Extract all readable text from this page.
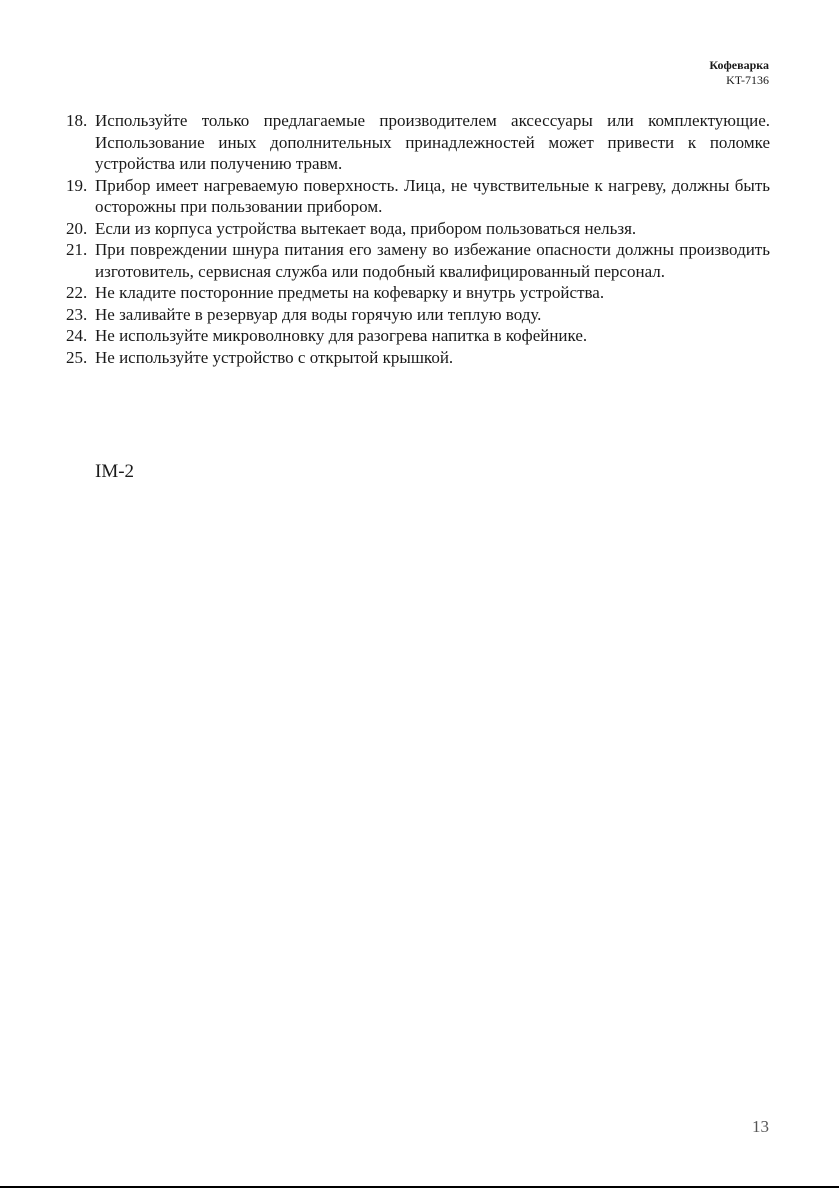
Кофеварка
KT-7136
18. Используйте только предлагаемые производителем аксессуары или комплектующие. Использование иных дополнительных принадлежностей может привести к поломке устройства или получению травм.
19. Прибор имеет нагреваемую поверхность. Лица, не чувствительные к нагреву, должны быть осторожны при пользовании прибором.
20. Если из корпуса устройства вытекает вода, прибором пользоваться нельзя.
21. При повреждении шнура питания его замену во избежание опасности должны производить изготовитель, сервисная служба или подобный квалифицированный персонал.
22. Не кладите посторонние предметы на кофеварку и внутрь устройства.
23. Не заливайте в резервуар для воды горячую или теплую воду.
24. Не используйте микроволновку для разогрева напитка в кофейнике.
25. Не используйте устройство с открытой крышкой.
IM-2
13
